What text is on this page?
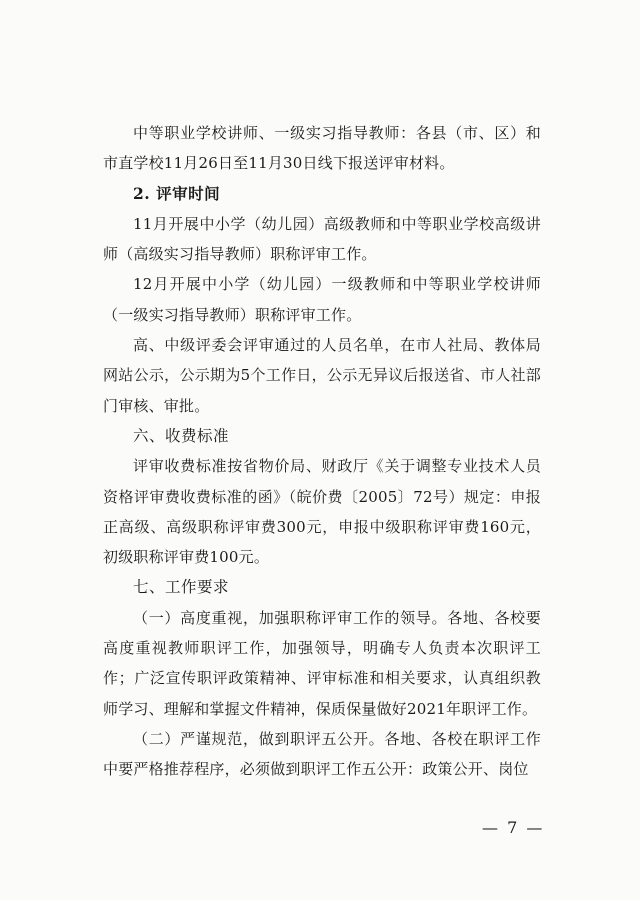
中等职业学校讲师、一级实习指导教师：各县（市、区）和市直学校11月26日至11月30日线下报送评审材料。

2. 评审时间

11月开展中小学（幼儿园）高级教师和中等职业学校高级讲师（高级实习指导教师）职称评审工作。

12月开展中小学（幼儿园）一级教师和中等职业学校讲师（一级实习指导教师）职称评审工作。

高、中级评委会评审通过的人员名单，在市人社局、教体局网站公示，公示期为5个工作日，公示无异议后报送省、市人社部门审核、审批。

六、收费标准

评审收费标准按省物价局、财政厅《关于调整专业技术人员资格评审费收费标准的函》（皖价费〔2005〕72号）规定：申报正高级、高级职称评审费300元，申报中级职称评审费160元，初级职称评审费100元。

七、工作要求

（一）高度重视，加强职称评审工作的领导。各地、各校要高度重视教师职评工作，加强领导，明确专人负责本次职评工作；广泛宣传职评政策精神、评审标准和相关要求，认真组织教师学习、理解和掌握文件精神，保质保量做好2021年职评工作。

（二）严谨规范，做到职评五公开。各地、各校在职评工作中要严格推荐程序，必须做到职评工作五公开：政策公开、岗位

— 7 —
